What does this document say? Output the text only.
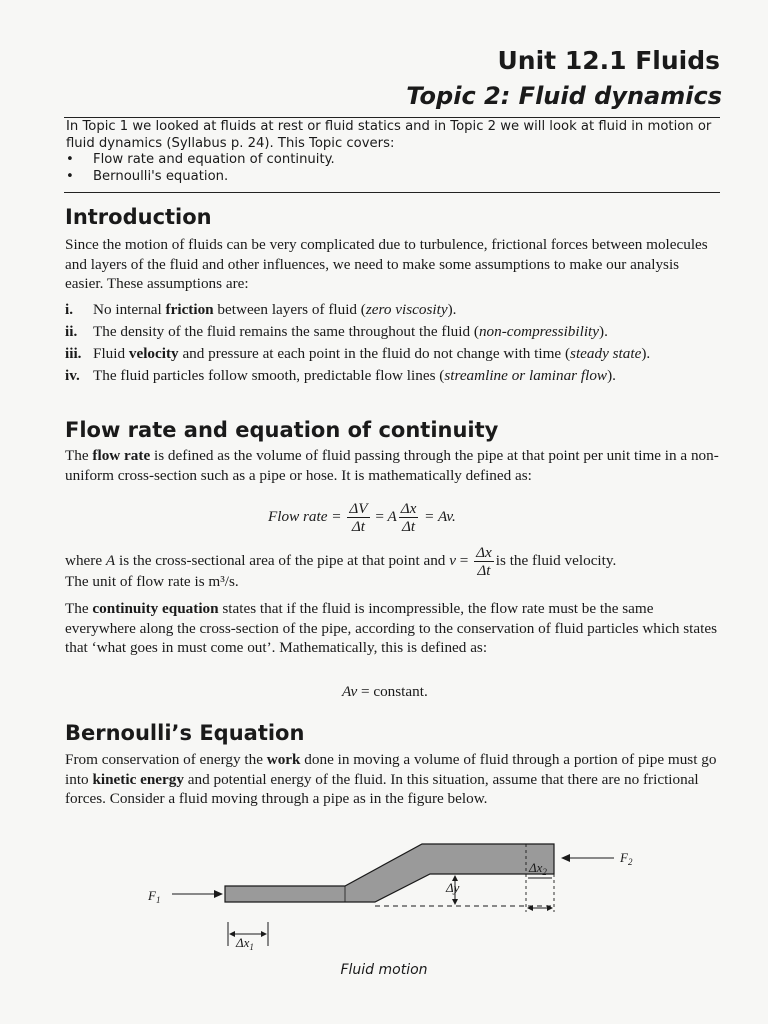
Unit 12.1 Fluids
Topic 2: Fluid dynamics

In Topic 1 we looked at fluids at rest or fluid statics and in Topic 2 we will look at fluid in motion or fluid dynamics (Syllabus p. 24). This Topic covers:

• Flow rate and equation of continuity.
• Bernoulli's equation.
Introduction

Since the motion of fluids can be very complicated due to turbulence, frictional forces between molecules and layers of the fluid and other influences, we need to make some assumptions to make our analysis easier. These assumptions are:

i. No internal friction between layers of fluid (zero viscosity).
ii. The density of the fluid remains the same throughout the fluid (non-compressibility).
iii. Fluid velocity and pressure at each point in the fluid do not change with time (steady state).
iv. The fluid particles follow smooth, predictable flow lines (streamline or laminar flow).
Flow rate and equation of continuity

The flow rate is defined as the volume of fluid passing through the pipe at that point per unit time in a non-uniform cross-section such as a pipe or hose. It is mathematically defined as:

Flow rate = $\frac{\Delta V}{\Delta t} = A \frac{\Delta x}{\Delta t} = Av$.
where A is the cross-sectional area of the pipe at that point and $v = \frac{\Delta x}{\Delta t}$ is the fluid velocity.

The unit of flow rate is m³/s.

The continuity equation states that if the fluid is incompressible, the flow rate must be the same everywhere along the cross-section of the pipe, according to the conservation of fluid particles which states that ‘what goes in must come out’. Mathematically, this is defined as:

Av = constant.
Bernoulli’s Equation

From conservation of energy the work done in moving a volume of fluid through a portion of pipe must go into kinetic energy and potential energy of the fluid. In this situation, assume that there are no frictional forces. Consider a fluid moving through a pipe as in the figure below.

$F_1$
$F_2$
Δy
$\Delta x_2$
$\Delta x_1$
Fluid motion
